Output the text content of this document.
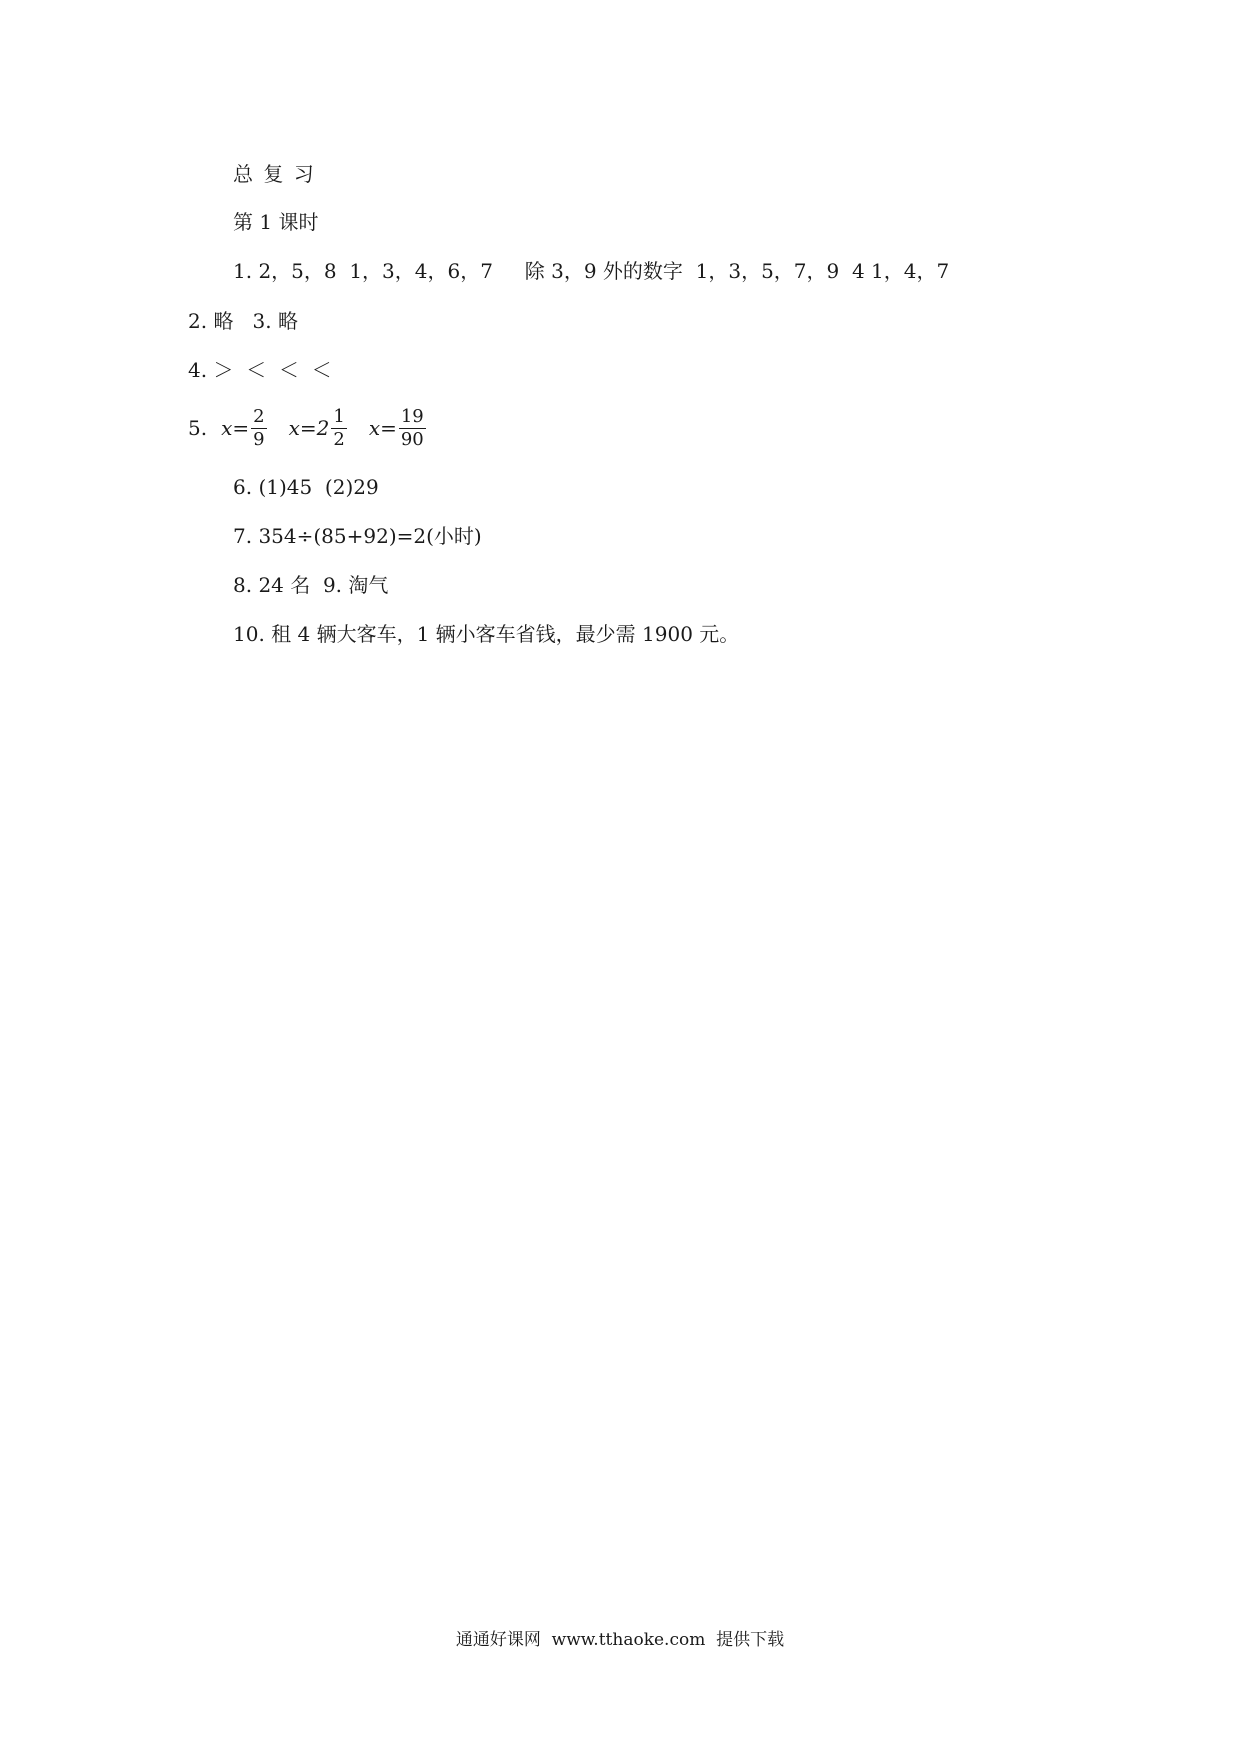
总 复 习
第 1 课时
1. 2，5，8  1，3，4，6，7     除 3，9 外的数字  1，3，5，7，9  4 1，4，7
2. 略   3. 略
4. ＞  ＜  ＜  ＜
5. $x= \frac{2}{9} x=2 \frac{1}{2} x= \frac{19}{90}$
6. (1)45  (2)29
7. 354÷(85+92)=2(小时)
8. 24 名  9. 淘气
10. 租 4 辆大客车，1 辆小客车省钱，最少需 1900 元。
通通好课网  www.tthaoke.com  提供下载
